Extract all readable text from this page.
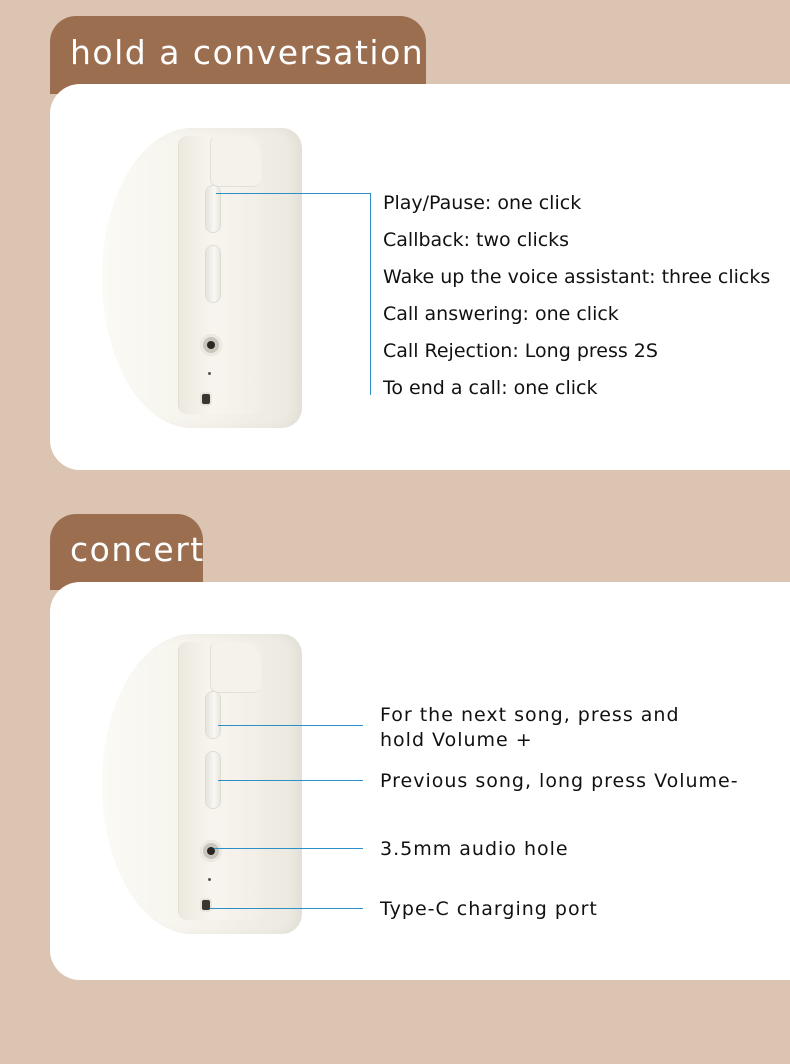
hold a conversation
Play/Pause: one click
Callback: two clicks
Wake up the voice assistant: three clicks
Call answering: one click
Call Rejection: Long press 2S
To end a call: one click
concert
For the next song, press and
hold Volume +
Previous song, long press Volume-
3.5mm audio hole
Type-C charging port
